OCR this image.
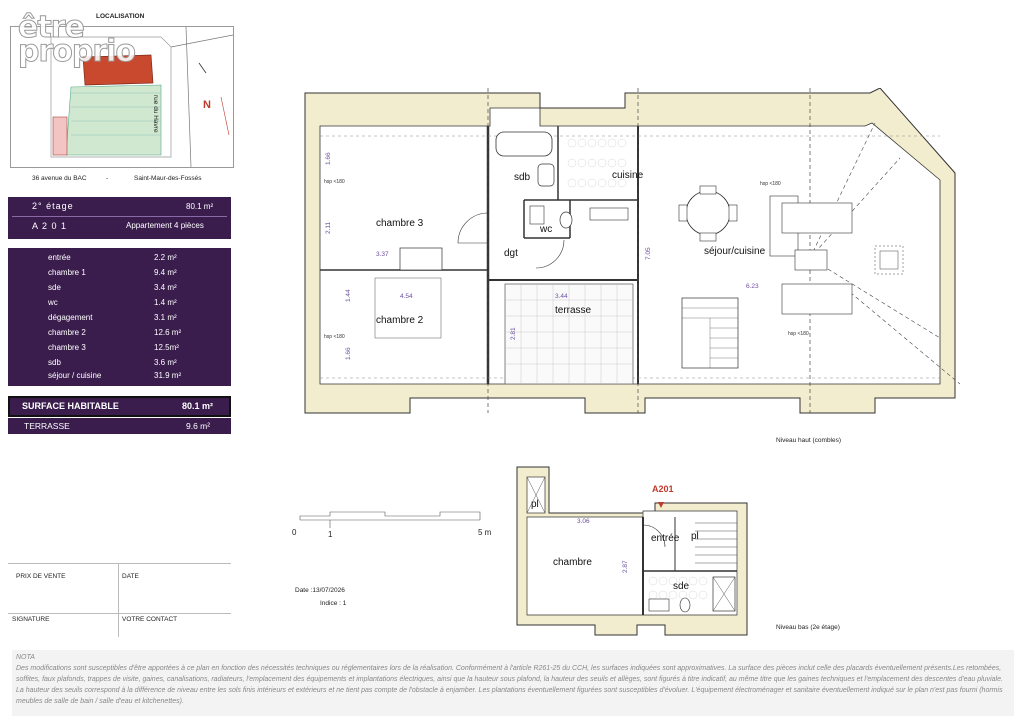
LOCALISATION
rue du Havre	N
être proprio
36 avenue du BAC	-	Saint-Maur-des-Fossés
2° étage	80.1 m²
A 2 0 1	Appartement 4 pièces
entrée	2.2 m²
chambre 1	9.4 m²
sde	3.4 m²
wc	1.4 m²
dégagement	3.1 m²
chambre 2	12.6 m²
chambre 3	12.5m²
sdb	3.6 m²
séjour / cuisine	31.9 m²
SURFACE HABITABLE	80.1 m²
TERRASSE	9.6 m²
PRIX DE VENTE	DATE
SIGNATURE	VOTRE CONTACT
chambre 3
chambre 2
sdb	cuisine
wc
dgt
terrasse
séjour/cuisine
1.66
2.11
3.37
1.44	4.54
1.66
3.44
2.81
7.05
6.23
hsp <180
hsp <180
hsp <180
hsp <180
Niveau haut (combles)
0	1	5 m
Date :13/07/2026
Indice : 1
pl
chambre
entrée pl
sde
3.06
2.87
A201
Niveau bas (2e étage)

NOTA

Des modifications sont susceptibles d'être apportées à ce plan en fonction des nécessités techniques ou réglementaires lors de la réalisation. Conformément à l'article R261-25 du CCH, les surfaces indiquées sont approximatives. La surface des pièces inclut celle des placards éventuellement présents.Les retombées, soffites, faux plafonds, trappes de visite, gaines, canalisations, radiateurs, l'emplacement des équipements et implantations électriques, ainsi que la hauteur sous plafond, la hauteur des seuils et allèges, sont figurés à titre indicatif, au même titre que les gaines techniques et l'emplacement des descentes d'eau pluviale. La hauteur des seuils correspond à la différence de niveau entre les sols finis intérieurs et extérieurs et ne tient pas compte de l'obstacle à enjamber. Les plantations éventuellement figurées sont susceptibles d'évoluer. L'équipement électroménager et sanitaire éventuellement indiqué sur le plan n'est pas fourni (hormis meubles de salle de bain / salle d'eau et kitchenettes).
